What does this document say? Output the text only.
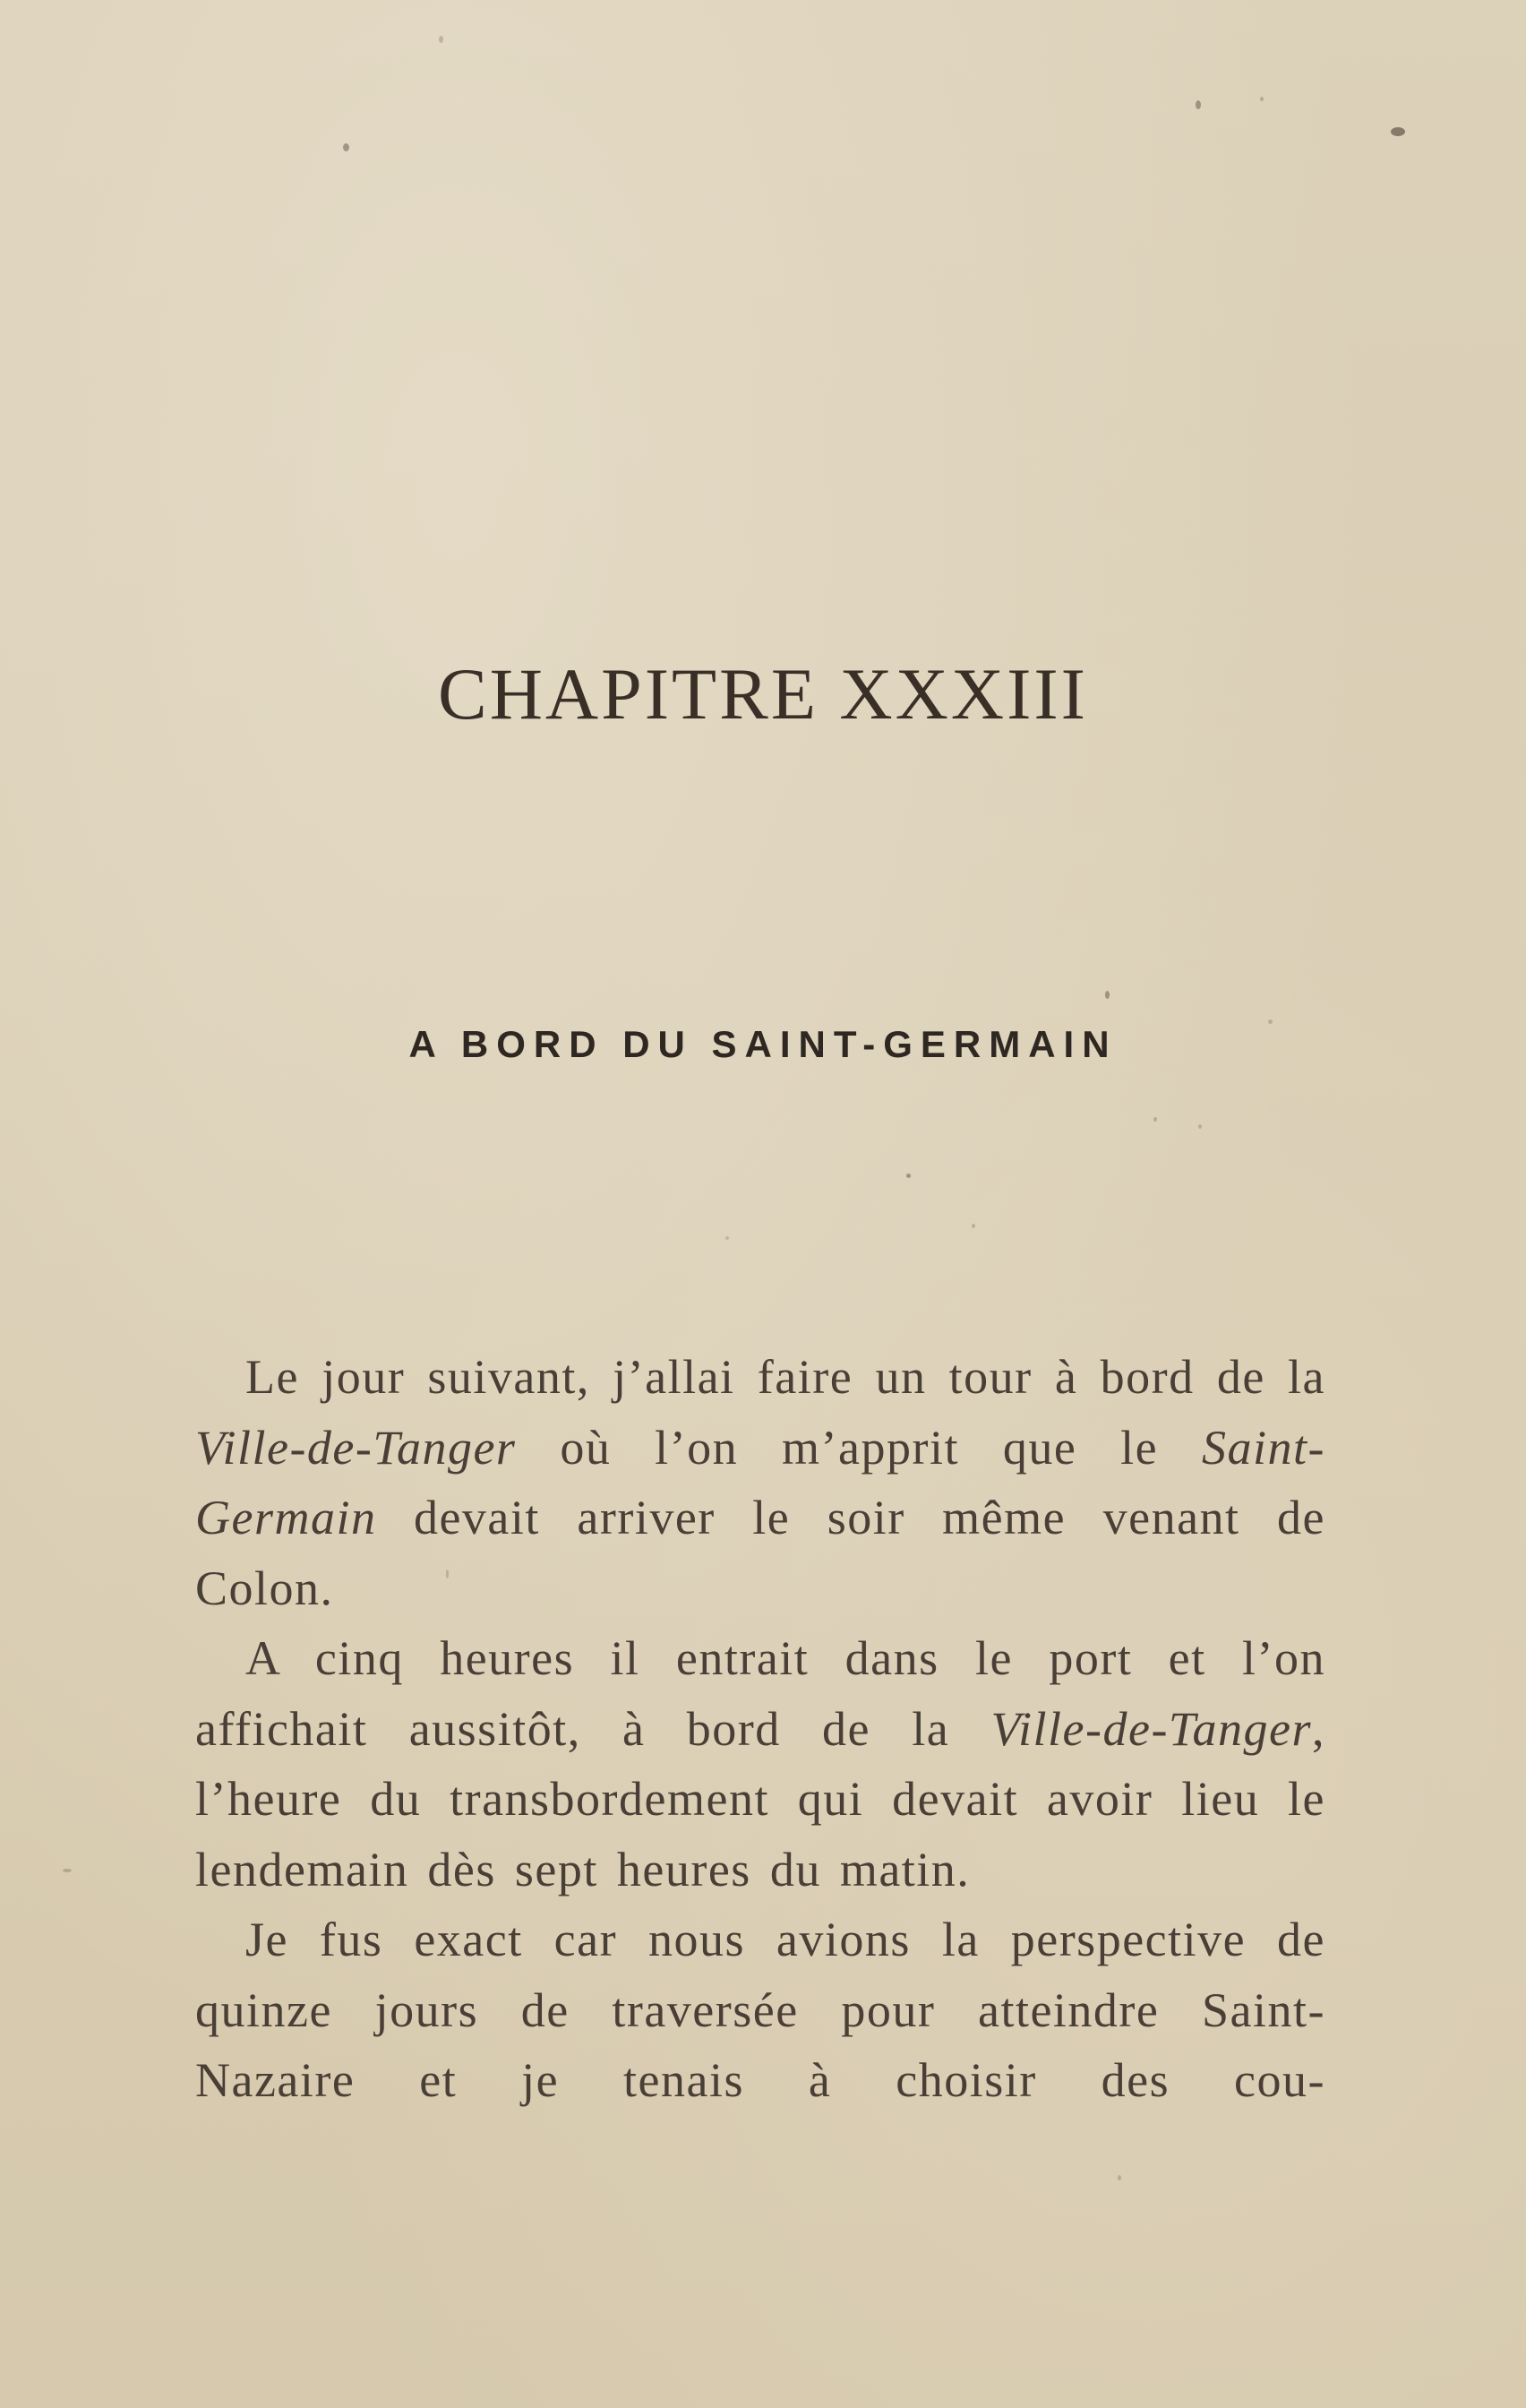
CHAPITRE XXXIII
A BORD DU SAINT-GERMAIN

Le jour suivant, j’allai faire un tour à bord de la Ville-de-Tanger où l’on m’apprit que le Saint-Germain devait arriver le soir même venant de Colon.

A cinq heures il entrait dans le port et l’on affichait aussitôt, à bord de la Ville-de-Tanger, l’heure du transbordement qui devait avoir lieu le lendemain dès sept heures du matin.

Je fus exact car nous avions la perspective de quinze jours de traversée pour atteindre Saint-Nazaire et je tenais à choisir des cou-
